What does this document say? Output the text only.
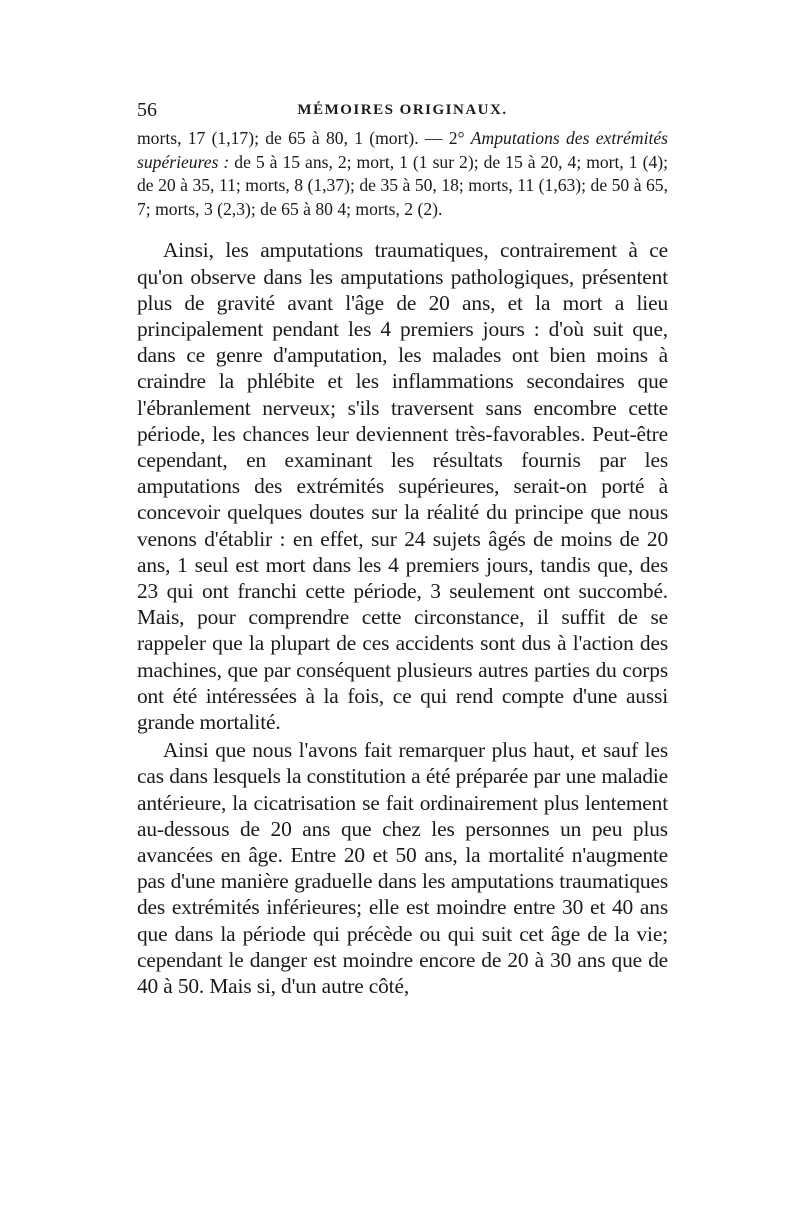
56	MÉMOIRES ORIGINAUX.

morts, 17 (1,17); de 65 à 80, 1 (mort). — 2° Amputations des extrémités supérieures : de 5 à 15 ans, 2; mort, 1 (1 sur 2); de 15 à 20, 4; mort, 1 (4); de 20 à 35, 11; morts, 8 (1,37); de 35 à 50, 18; morts, 11 (1,63); de 50 à 65, 7; morts, 3 (2,3); de 65 à 80 4; morts, 2 (2).

Ainsi, les amputations traumatiques, contrairement à ce qu'on observe dans les amputations pathologiques, présentent plus de gravité avant l'âge de 20 ans, et la mort a lieu principalement pendant les 4 premiers jours : d'où suit que, dans ce genre d'amputation, les malades ont bien moins à craindre la phlébite et les inflammations secondaires que l'ébranlement nerveux; s'ils traversent sans encombre cette période, les chances leur deviennent très-favorables. Peut-être cependant, en examinant les résultats fournis par les amputations des extrémités supérieures, serait-on porté à concevoir quelques doutes sur la réalité du principe que nous venons d'établir : en effet, sur 24 sujets âgés de moins de 20 ans, 1 seul est mort dans les 4 premiers jours, tandis que, des 23 qui ont franchi cette période, 3 seulement ont succombé. Mais, pour comprendre cette circonstance, il suffit de se rappeler que la plupart de ces accidents sont dus à l'action des machines, que par conséquent plusieurs autres parties du corps ont été intéressées à la fois, ce qui rend compte d'une aussi grande mortalité.

Ainsi que nous l'avons fait remarquer plus haut, et sauf les cas dans lesquels la constitution a été préparée par une maladie antérieure, la cicatrisation se fait ordinairement plus lentement au-dessous de 20 ans que chez les personnes un peu plus avancées en âge. Entre 20 et 50 ans, la mortalité n'augmente pas d'une manière graduelle dans les amputations traumatiques des extrémités inférieures; elle est moindre entre 30 et 40 ans que dans la période qui précède ou qui suit cet âge de la vie; cependant le danger est moindre encore de 20 à 30 ans que de 40 à 50. Mais si, d'un autre côté,
